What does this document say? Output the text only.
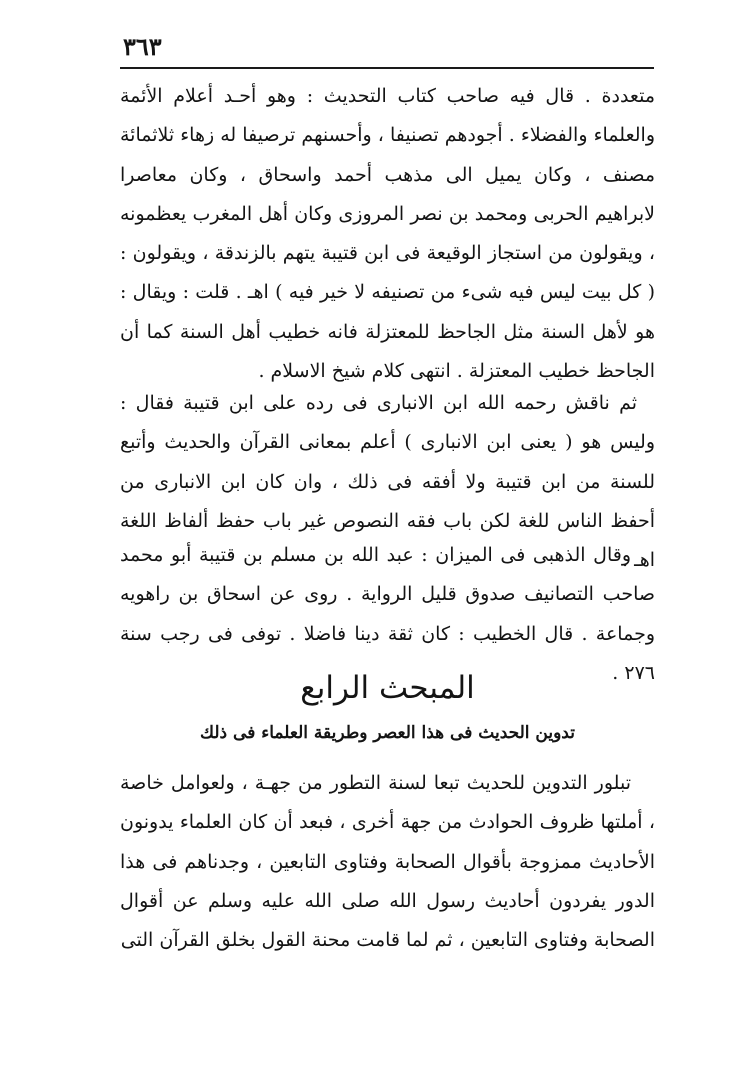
٣٦٣

متعددة . قال فيه صاحب كتاب التحديث : وهو أحـد أعلام الأئمة والعلماء والفضلاء . أجودهم تصنيفا ، وأحسنهم ترصيفا له زهاء ثلاثمائة مصنف ، وكان يميل الى مذهب أحمد واسحاق ، وكان معاصرا لابراهيم الحربى ومحمد بن نصر المروزى وكان أهل المغرب يعظمونه ، ويقولون من استجاز الوقيعة فى ابن قتيبة يتهم بالزندقة ، ويقولون : ( كل بيت ليس فيه شىء من تصنيفه لا خير فيه ) اهـ . قلت : ويقال : هو لأهل السنة مثل الجاحظ للمعتزلة فانه خطيب أهل السنة كما أن الجاحظ خطيب المعتزلة . انتهى كلام شيخ الاسلام .

ثم ناقش رحمه الله ابن الانبارى فى رده على ابن قتيبة فقال : وليس هو ( يعنى ابن الانبارى ) أعلم بمعانى القرآن والحديث وأتبع للسنة من ابن قتيبة ولا أفقه فى ذلك ، وان كان ابن الانبارى من أحفظ الناس للغة لكن باب فقه النصوص غير باب حفظ ألفاظ اللغة اهـ .

وقال الذهبى فى الميزان : عبد الله بن مسلم بن قتيبة أبو محمد صاحب التصانيف صدوق قليل الرواية . روى عن اسحاق بن راهويه وجماعة . قال الخطيب : كان ثقة دينا فاضلا . توفى فى رجب سنة ٢٧٦ .

المبحث الرابع
تدوين الحديث فى هذا العصر وطريقة العلماء فى ذلك

تبلور التدوين للحديث تبعا لسنة التطور من جهـة ، ولعوامل خاصة ، أملتها ظروف الحوادث من جهة أخرى ، فبعد أن كان العلماء يدونون الأحاديث ممزوجة بأقوال الصحابة وفتاوى التابعين ، وجدناهم فى هذا الدور يفردون أحاديث رسول الله صلى الله عليه وسلم عن أقوال الصحابة وفتاوى التابعين ، ثم لما قامت محنة القول بخلق القرآن التى
